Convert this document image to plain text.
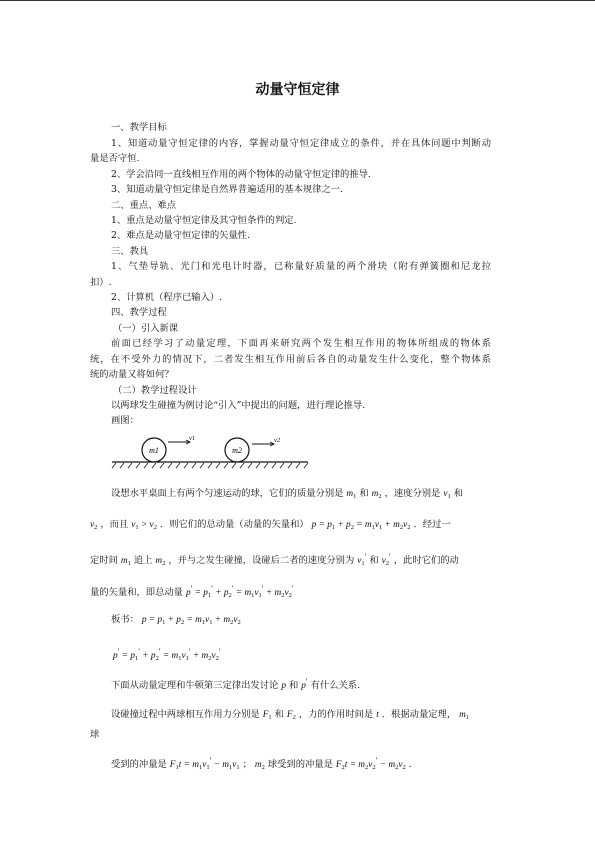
动量守恒定律
一、教学目标
1、知道动量守恒定律的内容，掌握动量守恒定律成立的条件，并在具体问题中判断动
量是否守恒.
2、学会沿同一直线相互作用的两个物体的动量守恒定律的推导.
3、知道动量守恒定律是自然界普遍适用的基本规律之一.
二、重点、难点
1、重点是动量守恒定律及其守恒条件的判定.
2、难点是动量守恒定律的矢量性.
三、教具
1、气垫导轨、光门和光电计时器，已称量好质量的两个滑块（附有弹簧圈和尼龙拉
扣）.
2、计算机（程序已输入）.
四、教学过程
（一）引入新课
前面已经学习了动量定理，下面再来研究两个发生相互作用的物体所组成的物体系
统，在不受外力的情况下，二者发生相互作用前后各自的动量发生什么变化，整个物体系
统的动量又将如何？
（二）教学过程设计
以两球发生碰撞为例讨论“引入”中提出的问题，进行理论推导.
画图：
m1
v1
m2
v2
设想水平桌面上有两个匀速运动的球，它们的质量分别是 $m_1$ 和 $m_2$ ，速度分别是 $v_1$ 和
$v_2$ ，而且 $v_1 > v_2$ ．则它们的总动量（动量的矢量和） $p = p_1 + p_2 = m_1v_1 + m_2v_2$ ．经过一
定时间 $m_1$ 追上 $m_2$ ，并与之发生碰撞，设碰后二者的速度分别为 $v_1'$ 和 $v_2'$ ，此时它们的动
量的矢量和，即总动量 $p' = p_1' + p_2' = m_1v_1' + m_2v_2'$
板书： $p = p_1 + p_2 = m_1v_1 + m_2v_2$
$p' = p_1' + p_2' = m_1v_1' + m_2v_2'$
下面从动量定理和牛顿第三定律出发讨论 p 和 p′ 有什么关系.
设碰撞过程中两球相互作用力分别是 $F_1$ 和 $F_2$ ，力的作用时间是 t ．根据动量定理， $m_1$
球
受到的冲量是 $F_1t = m_1v_1' - m_1v_1$ ； $m_2$ 球受到的冲量是 $F_2t = m_2v_2' - m_2v_2$ .
